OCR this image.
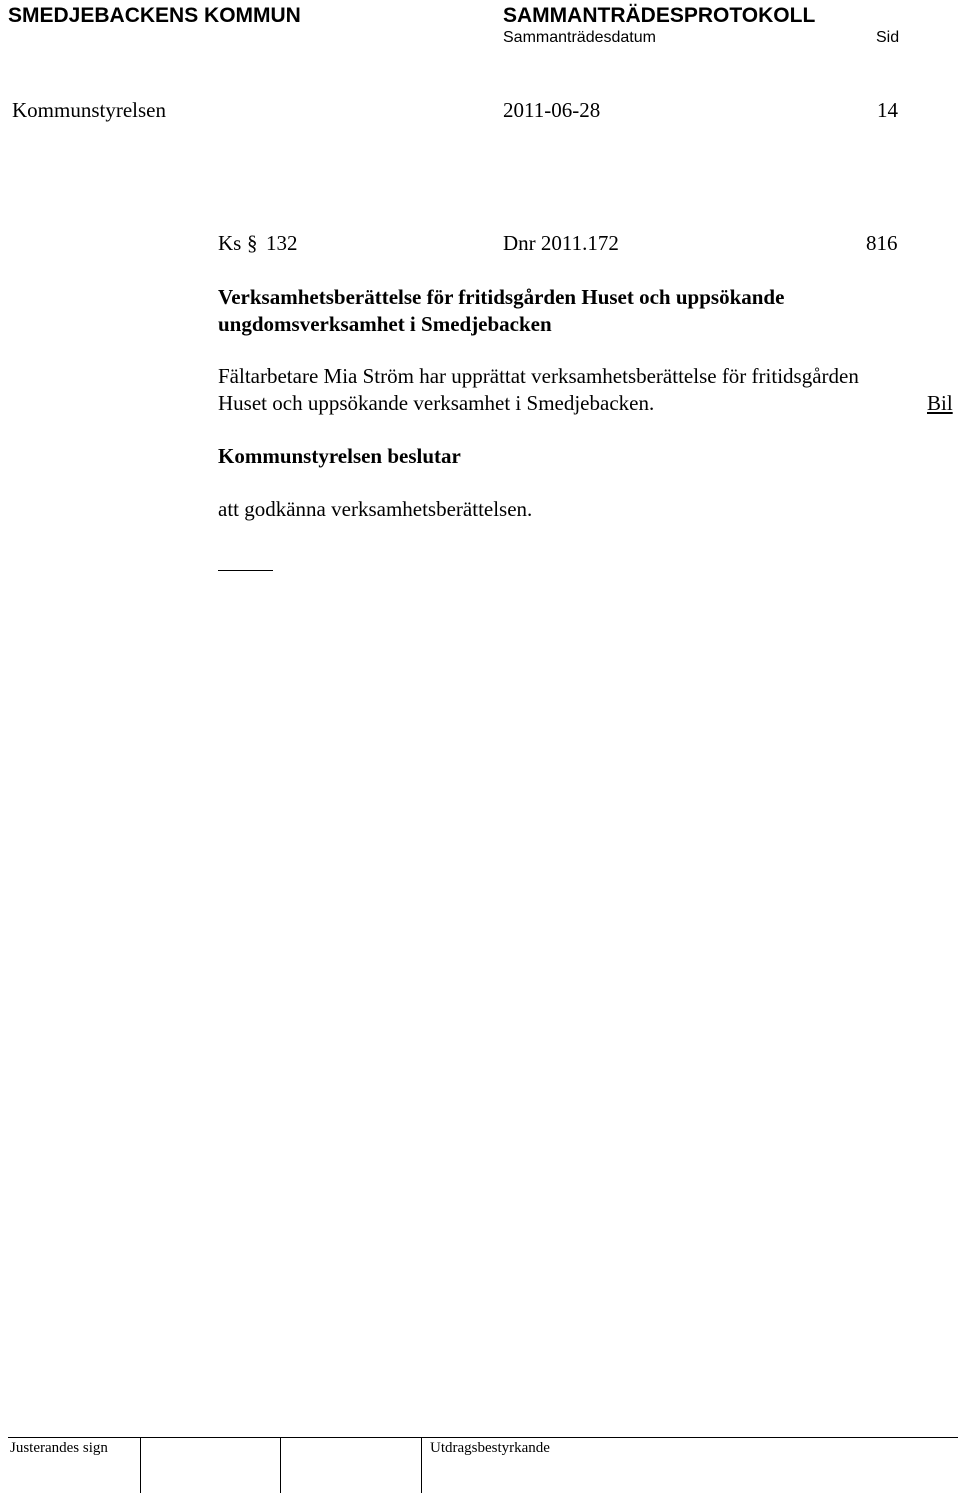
SMEDJEBACKENS KOMMUN	SAMMANTRÄDESPROTOKOLL
Sammanträdesdatum	Sid
Kommunstyrelsen	2011-06-28	14
Ks § 132	Dnr 2011.172	816
Verksamhetsberättelse för fritidsgården Huset och uppsökande
ungdomsverksamhet i Smedjebacken
Fältarbetare Mia Ström har upprättat verksamhetsberättelse för fritidsgården
Huset och uppsökande verksamhet i Smedjebacken.	Bil
Kommunstyrelsen beslutar
att godkänna verksamhetsberättelsen.
Justerandes sign	Utdragsbestyrkande
